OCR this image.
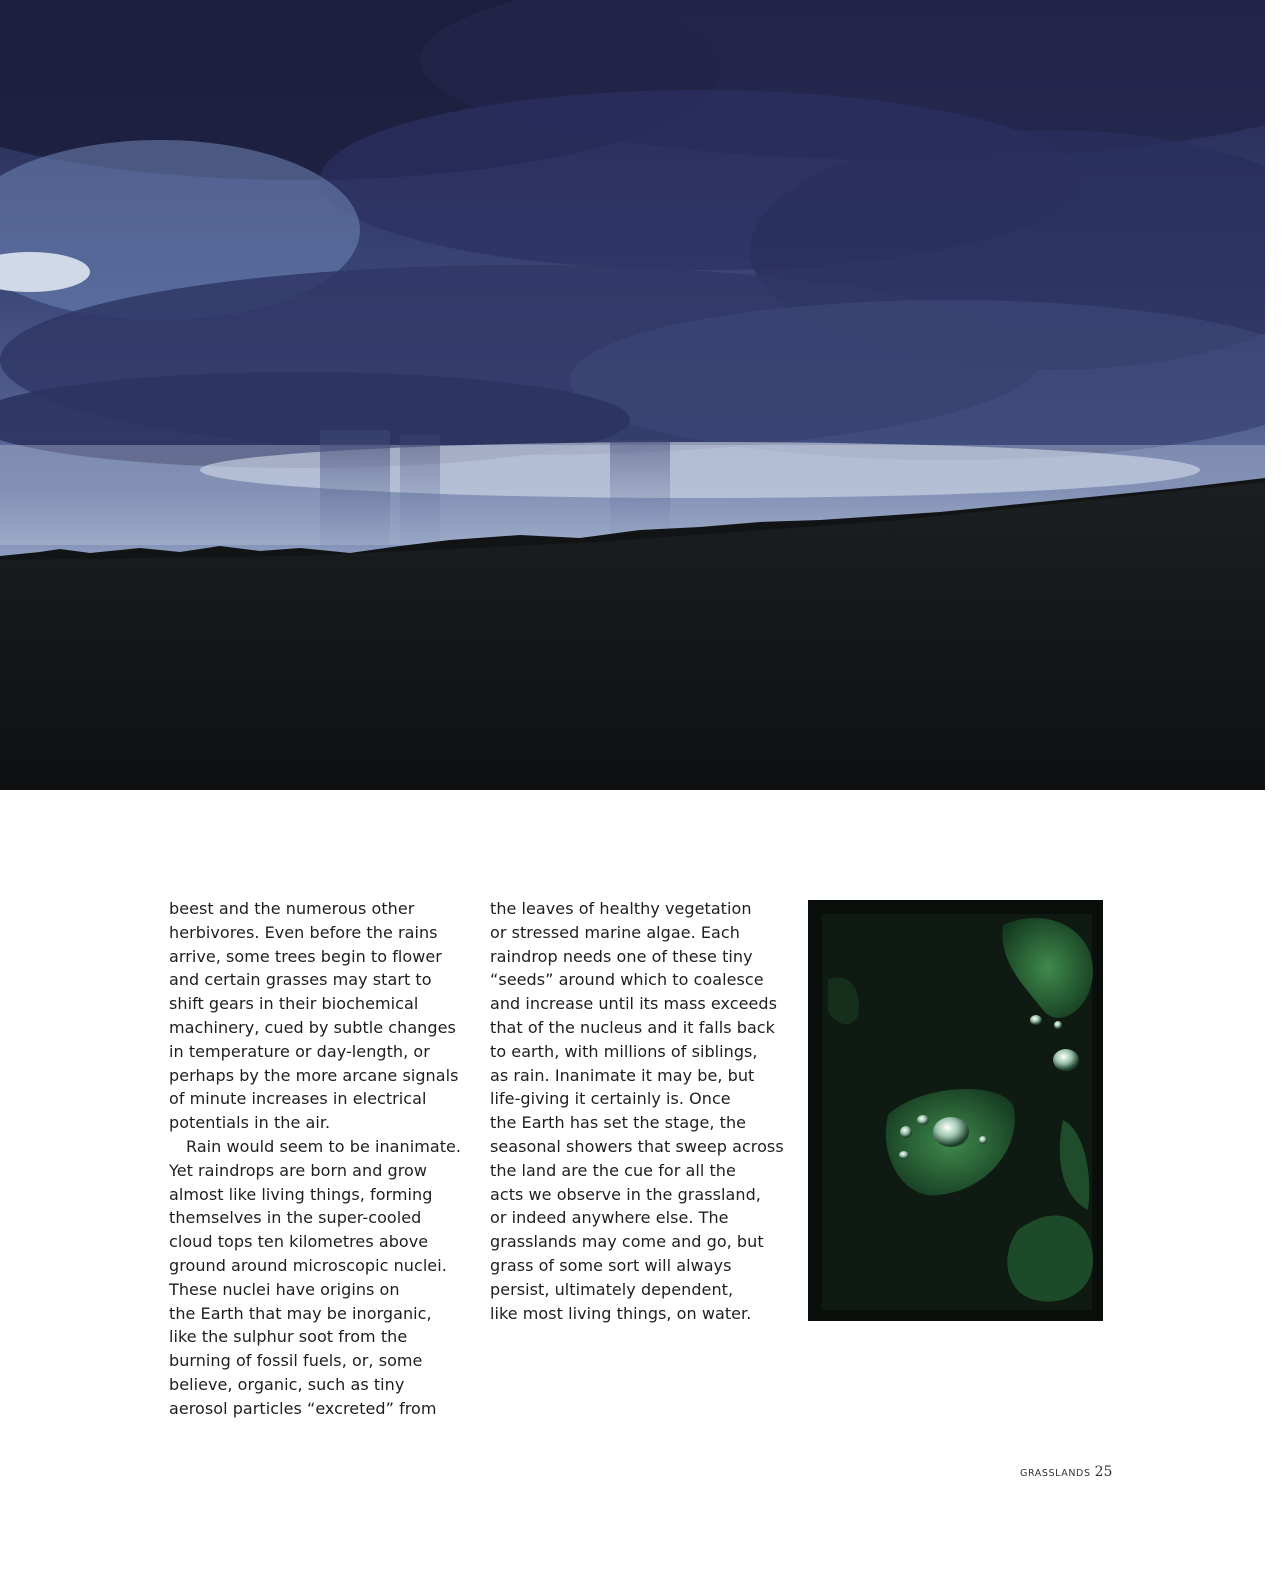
beest and the numerous other
herbivores. Even before the rains
arrive, some trees begin to flower
and certain grasses may start to
shift gears in their biochemical
machinery, cued by subtle changes
in temperature or day-length, or
perhaps by the more arcane signals
of minute increases in electrical
potentials in the air.
Rain would seem to be inanimate.
Yet raindrops are born and grow
almost like living things, forming
themselves in the super-cooled
cloud tops ten kilometres above
ground around microscopic nuclei.
These nuclei have origins on
the Earth that may be inorganic,
like the sulphur soot from the
burning of fossil fuels, or, some
believe, organic, such as tiny
aerosol particles “excreted” from
the leaves of healthy vegetation
or stressed marine algae. Each
raindrop needs one of these tiny
“seeds” around which to coalesce
and increase until its mass exceeds
that of the nucleus and it falls back
to earth, with millions of siblings,
as rain. Inanimate it may be, but
life-giving it certainly is. Once
the Earth has set the stage, the
seasonal showers that sweep across
the land are the cue for all the
acts we observe in the grassland,
or indeed anywhere else. The
grasslands may come and go, but
grass of some sort will always
persist, ultimately dependent,
like most living things, on water.
GRASSLANDS 25
